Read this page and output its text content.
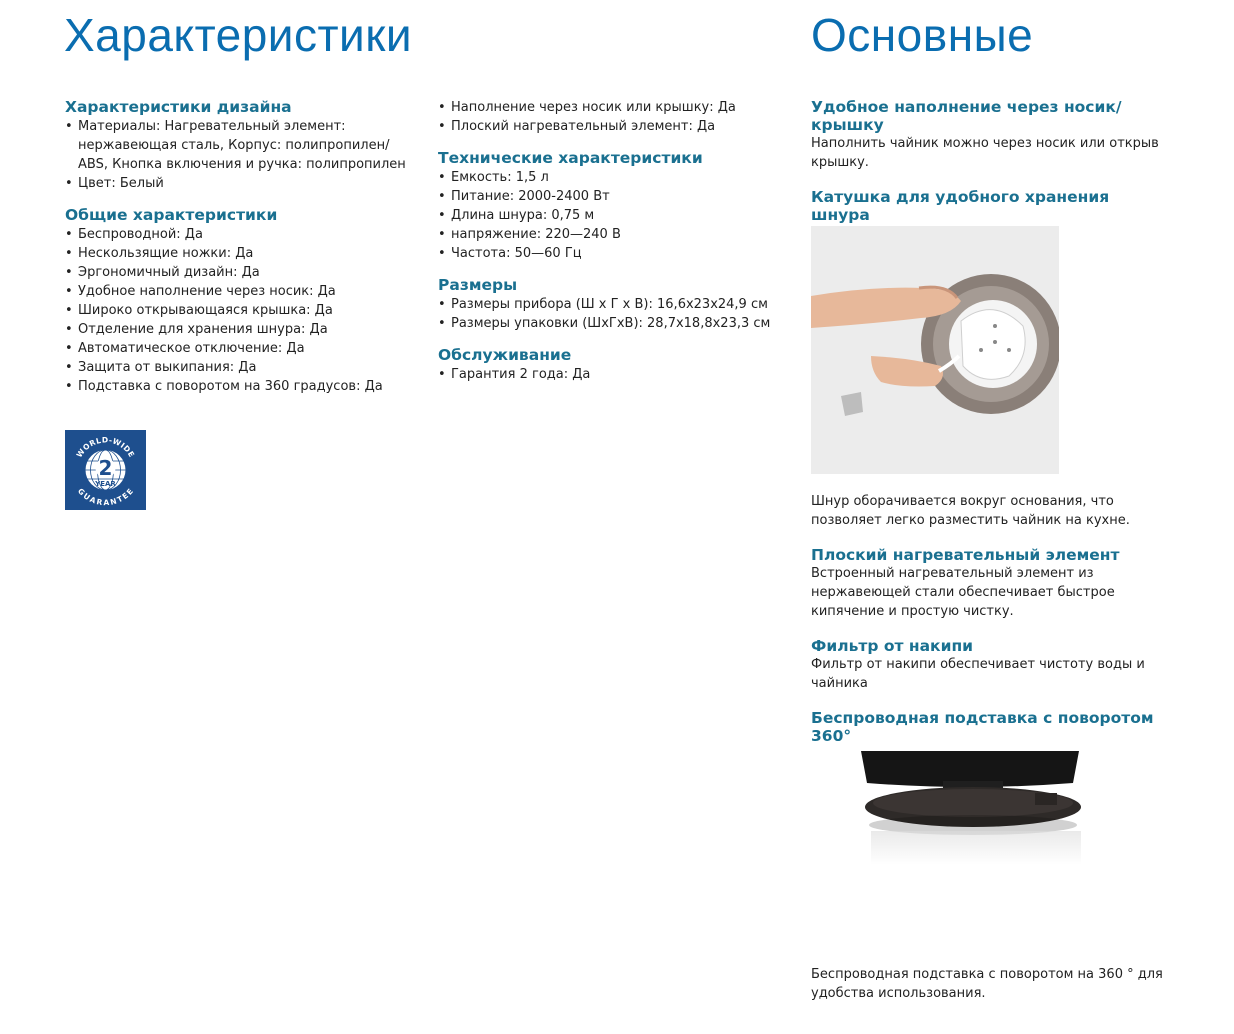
Характеристики	Основные
Характеристики дизайна
• Материалы: Нагревательный элемент:
нержавеющая сталь, Корпус: полипропилен/
ABS, Кнопка включения и ручка: полипропилен
• Цвет: Белый
Общие характеристики
• Беспроводной: Да
• Нескользящие ножки: Да
• Эргономичный дизайн: Да
• Удобное наполнение через носик: Да
• Широко открывающаяся крышка: Да
• Отделение для хранения шнура: Да
• Автоматическое отключение: Да
• Защита от выкипания: Да
• Подставка с поворотом на 360 градусов: Да
2
YEAR
WORLD-WIDE
GUARANTEE
• Наполнение через носик или крышку: Да
• Плоский нагревательный элемент: Да
Технические характеристики
• Емкость: 1,5 л
• Питание: 2000-2400 Вт
• Длина шнура: 0,75 м
• напряжение: 220—240 В
• Частота: 50—60 Гц
Размеры
• Размеры прибора (Ш x Г x В): 16,6x23x24,9 см
• Размеры упаковки (ШxГxВ): 28,7x18,8x23,3 см
Обслуживание
• Гарантия 2 года: Да
Удобное наполнение через носик/ крышку

Наполнить чайник можно через носик или открыв крышку.

Катушка для удобного хранения шнура

Шнур оборачивается вокруг основания, что позволяет легко разместить чайник на кухне.

Плоский нагревательный элемент

Встроенный нагревательный элемент из нержавеющей стали обеспечивает быстрое кипячение и простую чистку.

Фильтр от накипи

Фильтр от накипи обеспечивает чистоту воды и чайника

Беспроводная подставка с поворотом 360°

Беспроводная подставка с поворотом на 360 ° для удобства использования.
